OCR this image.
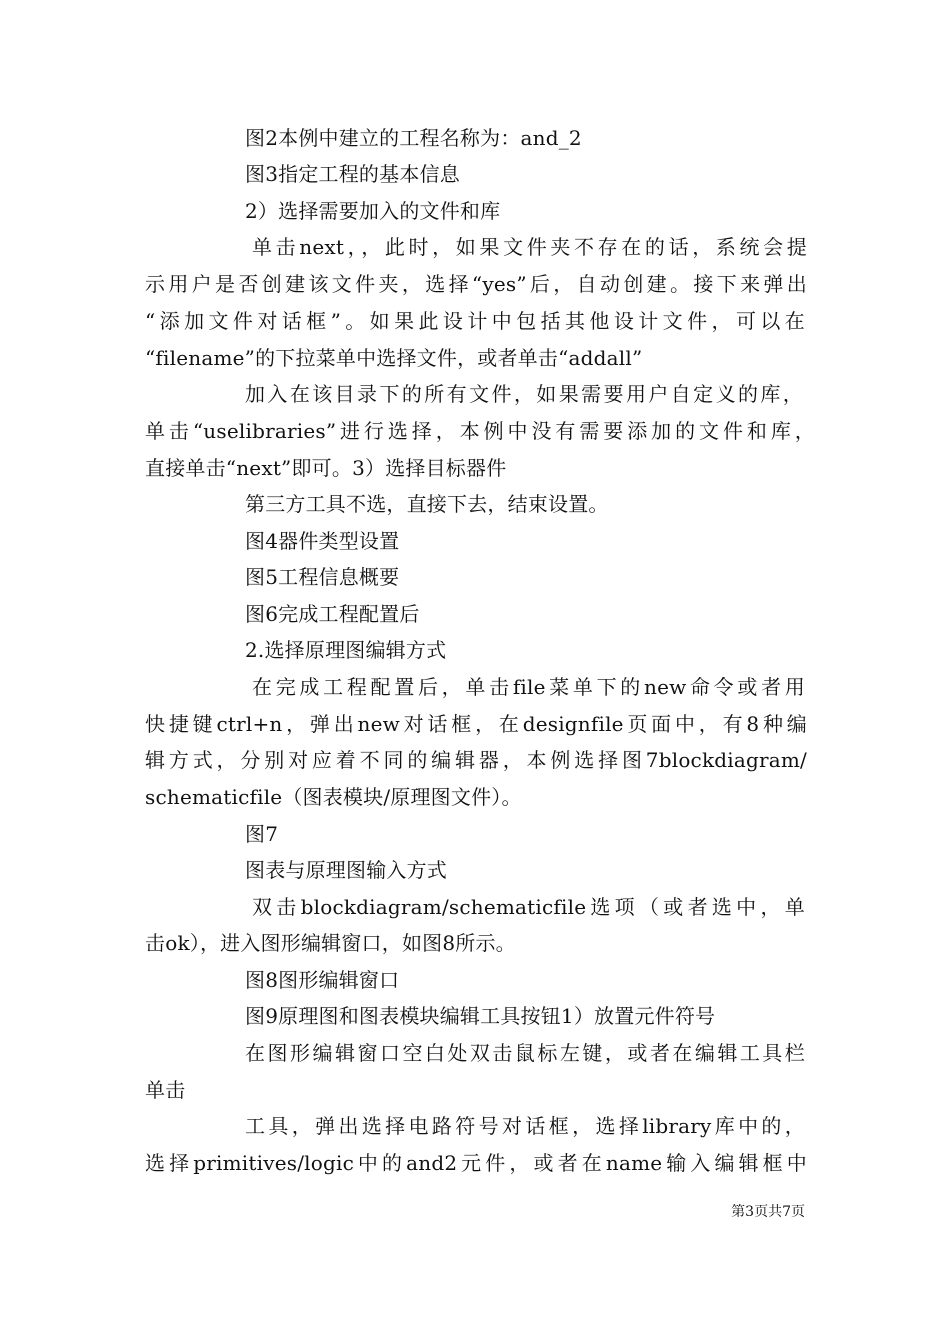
图2本例中建立的工程名称为：and_2
图3指定工程的基本信息
2）选择需要加入的文件和库
单击next，，此时，如果文件夹不存在的话，系统会提
示用户是否创建该文件夹，选择“yes”后，自动创建。接下来弹出
“添加文件对话框”。如果此设计中包括其他设计文件，可以在
“filename”的下拉菜单中选择文件，或者单击“addall”
加入在该目录下的所有文件，如果需要用户自定义的库，
单击“uselibraries”进行选择，本例中没有需要添加的文件和库，
直接单击“next”即可。3）选择目标器件
第三方工具不选，直接下去，结束设置。
图4器件类型设置
图5工程信息概要
图6完成工程配置后
2.选择原理图编辑方式
在完成工程配置后，单击file菜单下的new命令或者用
快捷键ctrl+n，弹出new对话框，在designfile页面中，有8种编
辑方式，分别对应着不同的编辑器，本例选择图7blockdiagram/
schematicfile（图表模块/原理图文件）。
图7
图表与原理图输入方式
双击blockdiagram/schematicfile选项（或者选中，单
击ok），进入图形编辑窗口，如图8所示。
图8图形编辑窗口
图9原理图和图表模块编辑工具按钮1）放置元件符号
在图形编辑窗口空白处双击鼠标左键，或者在编辑工具栏
单击
工具，弹出选择电路符号对话框，选择library库中的，
选择primitives/logic中的and2元件，或者在name输入编辑框中
第3页共7页
